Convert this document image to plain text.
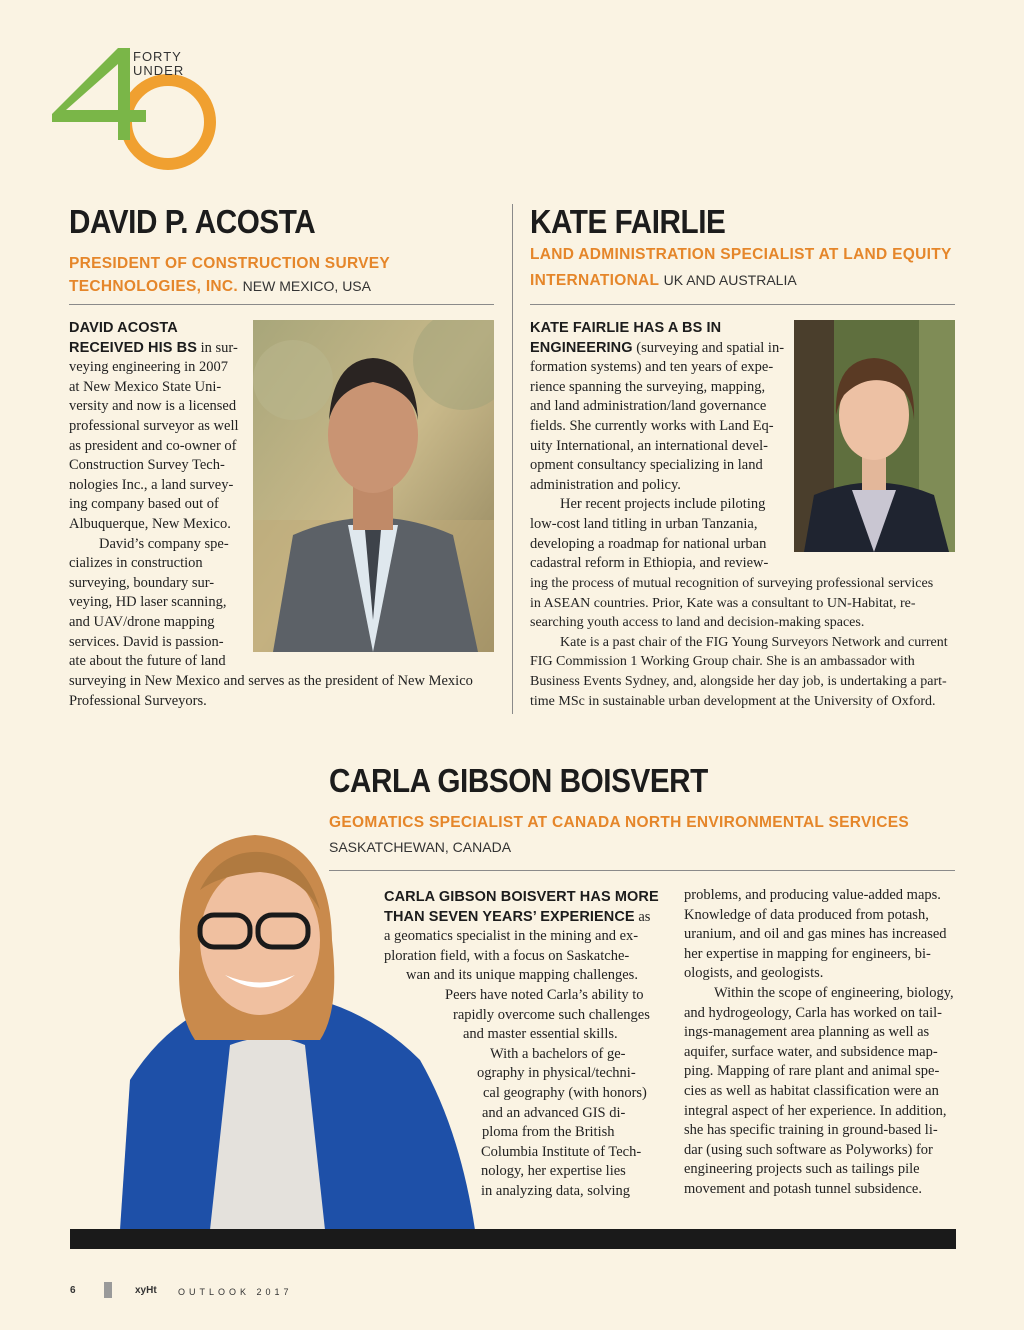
FORTY
UNDER
DAVID P. ACOSTA
PRESIDENT OF CONSTRUCTION SURVEY
TECHNOLOGIES, INC. NEW MEXICO, USA
DAVID ACOSTA
RECEIVED HIS BS in sur-
veying engineering in 2007
at New Mexico State Uni-
versity and now is a licensed
professional surveyor as well
as president and co-owner of
Construction Survey Tech-
nologies Inc., a land survey-
ing company based out of
Albuquerque, New Mexico.
David’s company spe-
cializes in construction
surveying, boundary sur-
veying, HD laser scanning,
and UAV/drone mapping
services. David is passion-
ate about the future of land
surveying in New Mexico and serves as the president of New Mexico
Professional Surveyors.
KATE FAIRLIE
LAND ADMINISTRATION SPECIALIST AT LAND EQUITY
INTERNATIONAL UK AND AUSTRALIA
KATE FAIRLIE HAS A BS IN
ENGINEERING (surveying and spatial in-
formation systems) and ten years of expe-
rience spanning the surveying, mapping,
and land administration/land governance
fields. She currently works with Land Eq-
uity International, an international devel-
opment consultancy specializing in land
administration and policy.
Her recent projects include piloting
low-cost land titling in urban Tanzania,
developing a roadmap for national urban
cadastral reform in Ethiopia, and review-
ing the process of mutual recognition of surveying professional services
in ASEAN countries. Prior, Kate was a consultant to UN-Habitat, re-
searching youth access to land and decision-making spaces.
Kate is a past chair of the FIG Young Surveyors Network and current
FIG Commission 1 Working Group chair. She is an ambassador with
Business Events Sydney, and, alongside her day job, is undertaking a part-
time MSc in sustainable urban development at the University of Oxford.
CARLA GIBSON BOISVERT
GEOMATICS SPECIALIST AT CANADA NORTH ENVIRONMENTAL SERVICES
SASKATCHEWAN, CANADA
CARLA GIBSON BOISVERT HAS MORE
THAN SEVEN YEARS’ EXPERIENCE as
a geomatics specialist in the mining and ex-
ploration field, with a focus on Saskatche-
wan and its unique mapping challenges.
Peers have noted Carla’s ability to
rapidly overcome such challenges
and master essential skills.
With a bachelors of ge-
ography in physical/techni-
cal geography (with honors)
and an advanced GIS di-
ploma from the British
Columbia Institute of Tech-
nology, her expertise lies
in analyzing data, solving
problems, and producing value-added maps.
Knowledge of data produced from potash,
uranium, and oil and gas mines has increased
her expertise in mapping for engineers, bi-
ologists, and geologists.
Within the scope of engineering, biology,
and hydrogeology, Carla has worked on tail-
ings-management area planning as well as
aquifer, surface water, and subsidence map-
ping. Mapping of rare plant and animal spe-
cies as well as habitat classification were an
integral aspect of her experience. In addition,
she has specific training in ground-based li-
dar (using such software as Polyworks) for
engineering projects such as tailings pile
movement and potash tunnel subsidence.
6	xyHt OUTLOOK 2017
